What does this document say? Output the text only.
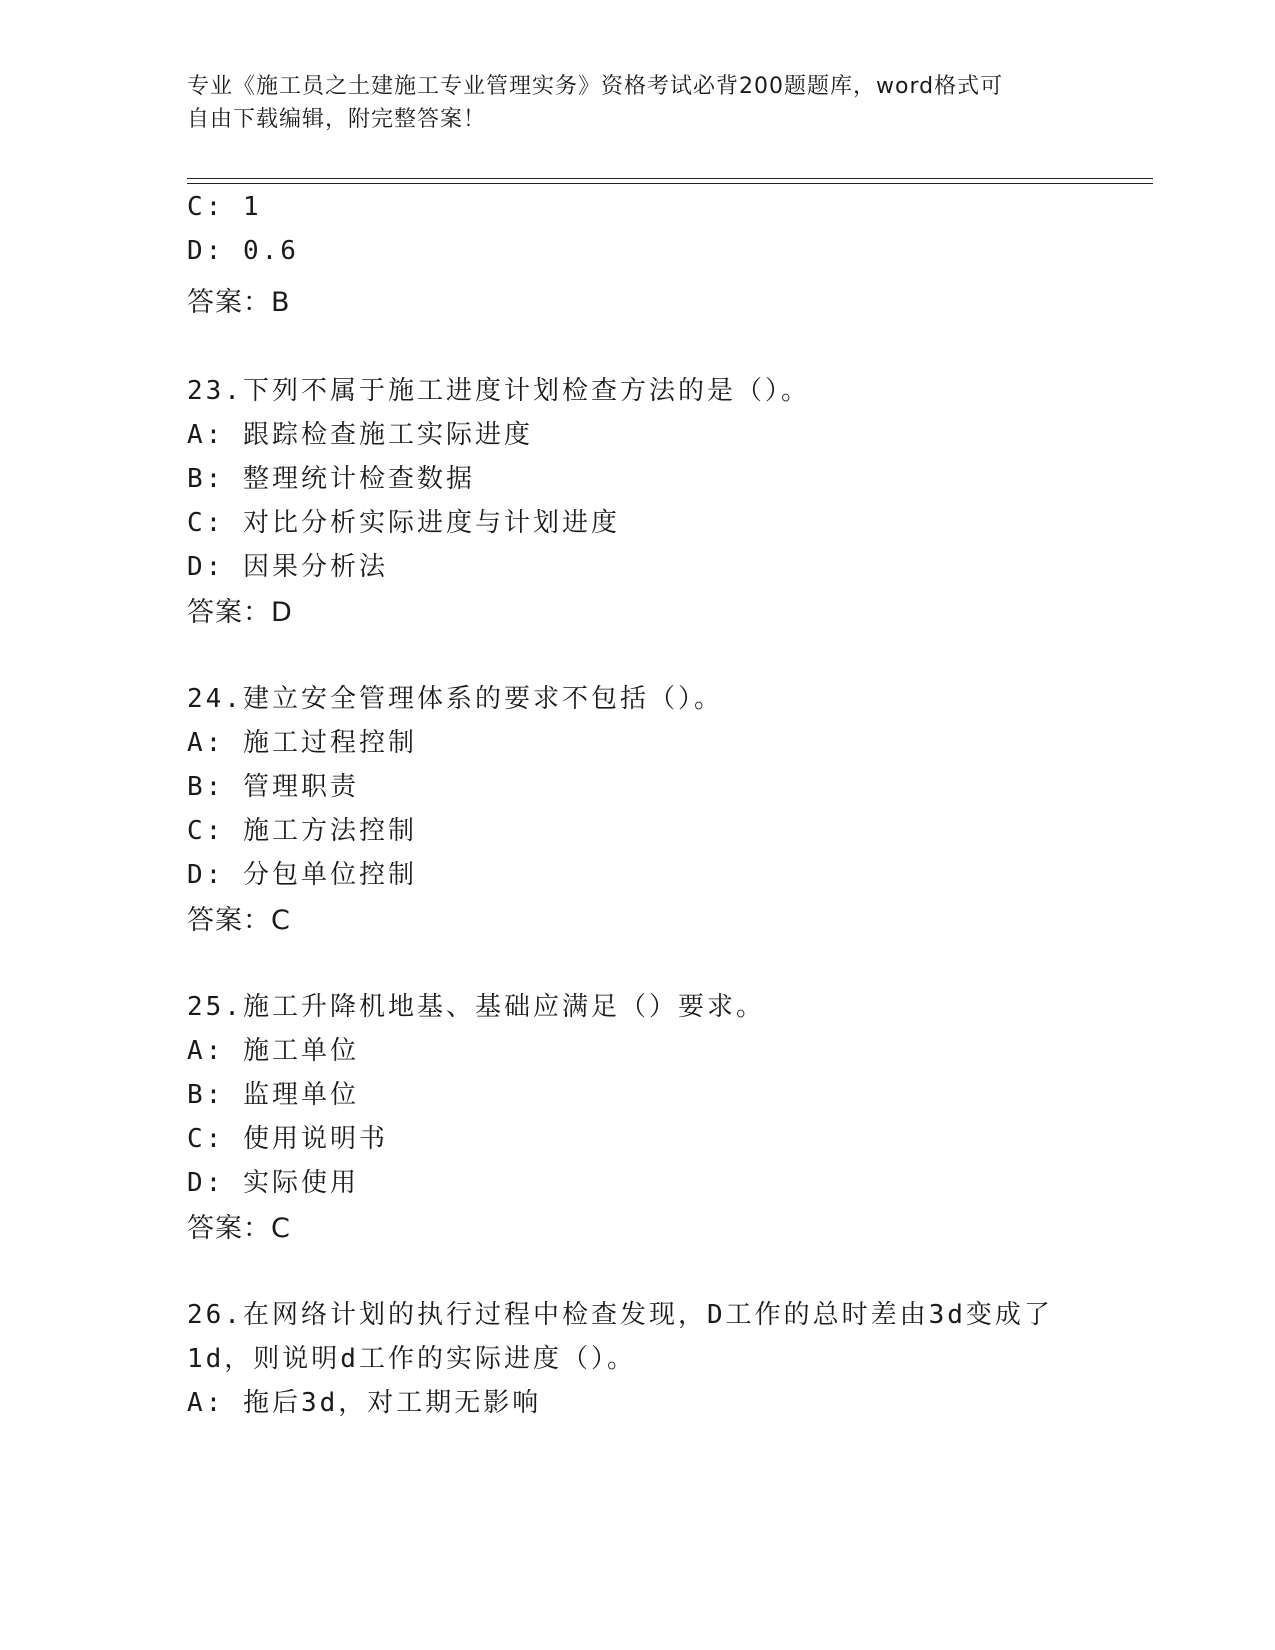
专业《施工员之土建施工专业管理实务》资格考试必背200题题库，word格式可
自由下载编辑，附完整答案！
C: 1
D: 0.6
答案：B
23.下列不属于施工进度计划检查方法的是（）。
A: 跟踪检查施工实际进度
B: 整理统计检查数据
C: 对比分析实际进度与计划进度
D: 因果分析法
答案：D
24.建立安全管理体系的要求不包括（）。
A: 施工过程控制
B: 管理职责
C: 施工方法控制
D: 分包单位控制
答案：C
25.施工升降机地基、基础应满足（）要求。
A: 施工单位
B: 监理单位
C: 使用说明书
D: 实际使用
答案：C
26.在网络计划的执行过程中检查发现，D工作的总时差由3d变成了
1d，则说明d工作的实际进度（）。
A: 拖后3d，对工期无影响
